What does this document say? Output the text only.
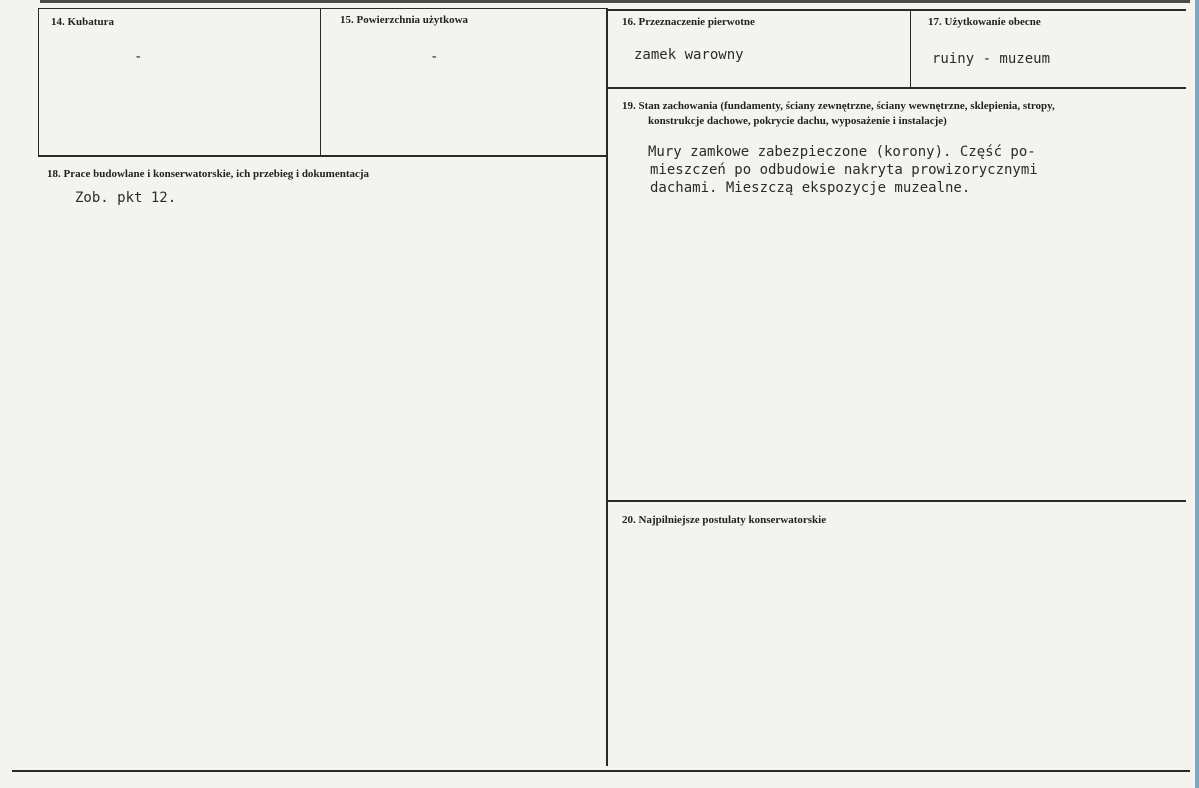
14. Kubatura
-
15. Powierzchnia użytkowa
-
16. Przeznaczenie pierwotne
zamek warowny
17. Użytkowanie obecne
ruiny - muzeum
18. Prace budowlane i konserwatorskie, ich przebieg i dokumentacja
Zob. pkt 12.
19. Stan zachowania (fundamenty, ściany zewnętrzne, ściany wewnętrzne, sklepienia, stropy,
konstrukcje dachowe, pokrycie dachu, wyposażenie i instalacje)
Mury zamkowe zabezpieczone (korony). Część po-
mieszczeń po odbudowie nakryta prowizorycznymi
dachami. Mieszczą ekspozycje muzealne.
20. Najpilniejsze postulaty konserwatorskie
